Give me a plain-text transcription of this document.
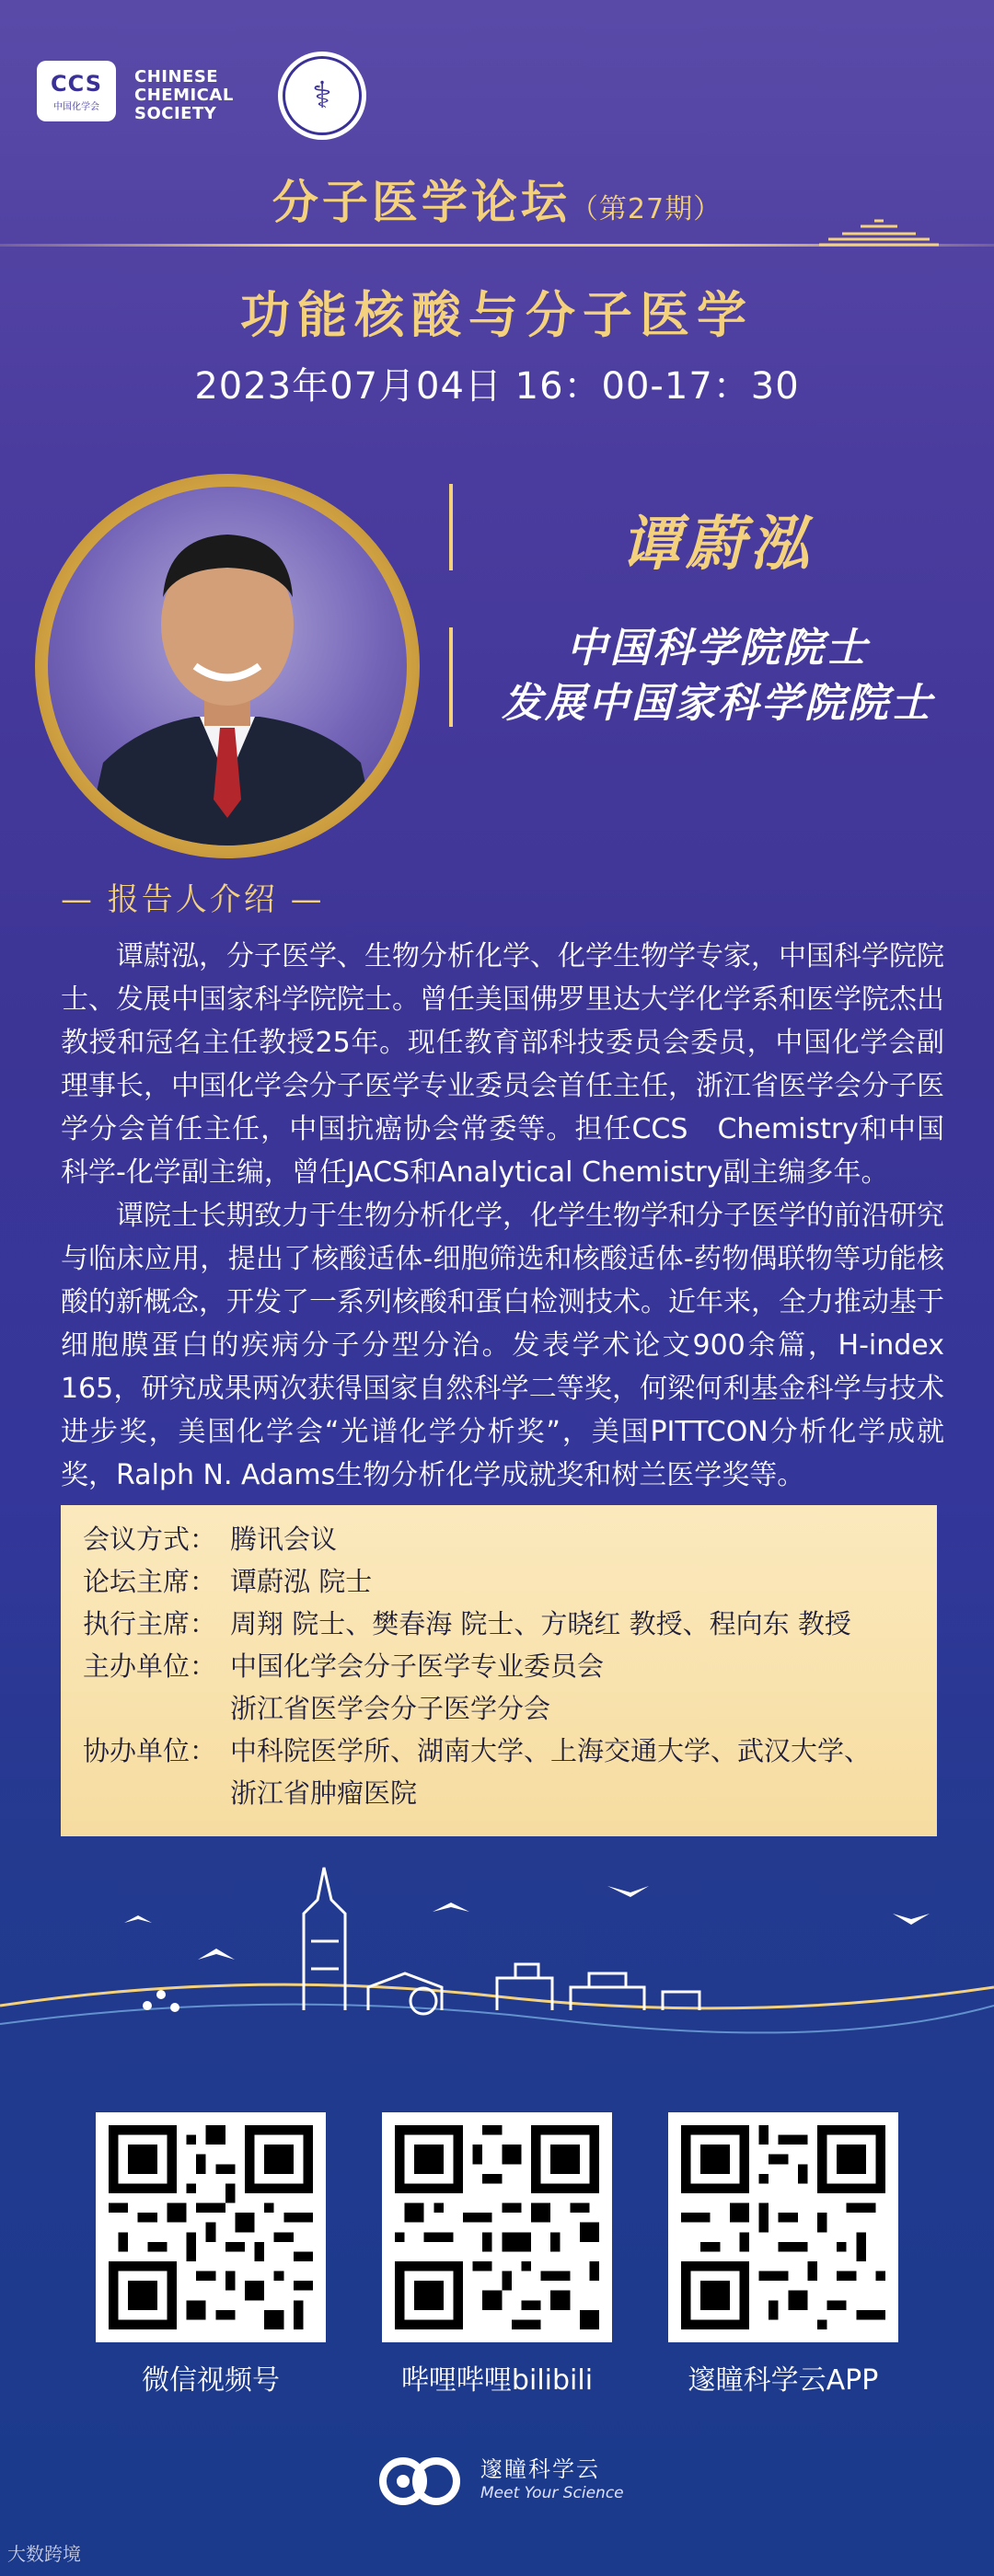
CCS
中国化学会
CHINESE
CHEMICAL
SOCIETY	⚕
分子医学论坛（第27期）
功能核酸与分子医学
2023年07月04日 16：00-17：30
谭蔚泓
中国科学院院士
发展中国家科学院院士
— 报告人介绍 —

谭蔚泓，分子医学、生物分析化学、化学生物学专家，中国科学院院士、发展中国家科学院院士。曾任美国佛罗里达大学化学系和医学院杰出教授和冠名主任教授25年。现任教育部科技委员会委员，中国化学会副理事长，中国化学会分子医学专业委员会首任主任，浙江省医学会分子医学分会首任主任，中国抗癌协会常委等。担任CCS　Chemistry和中国科学-化学副主编，曾任JACS和Analytical Chemistry副主编多年。

谭院士长期致力于生物分析化学，化学生物学和分子医学的前沿研究与临床应用，提出了核酸适体-细胞筛选和核酸适体-药物偶联物等功能核酸的新概念，开发了一系列核酸和蛋白检测技术。近年来，全力推动基于细胞膜蛋白的疾病分子分型分治。发表学术论文900余篇，H-index 165，研究成果两次获得国家自然科学二等奖，何梁何利基金科学与技术进步奖，美国化学会“光谱化学分析奖”，美国PITTCON分析化学成就奖，Ralph N. Adams生物分析化学成就奖和树兰医学奖等。

会议方式： 腾讯会议
论坛主席： 谭蔚泓 院士
执行主席： 周翔 院士、樊春海 院士、方晓红 教授、程向东 教授
主办单位： 中国化学会分子医学专业委员会
浙江省医学会分子医学分会
协办单位： 中科院医学所、湖南大学、上海交通大学、武汉大学、
浙江省肿瘤医院
微信视频号	哔哩哔哩bilibili	邃瞳科学云APP
邃瞳科学云
Meet Your Science
大数跨境
